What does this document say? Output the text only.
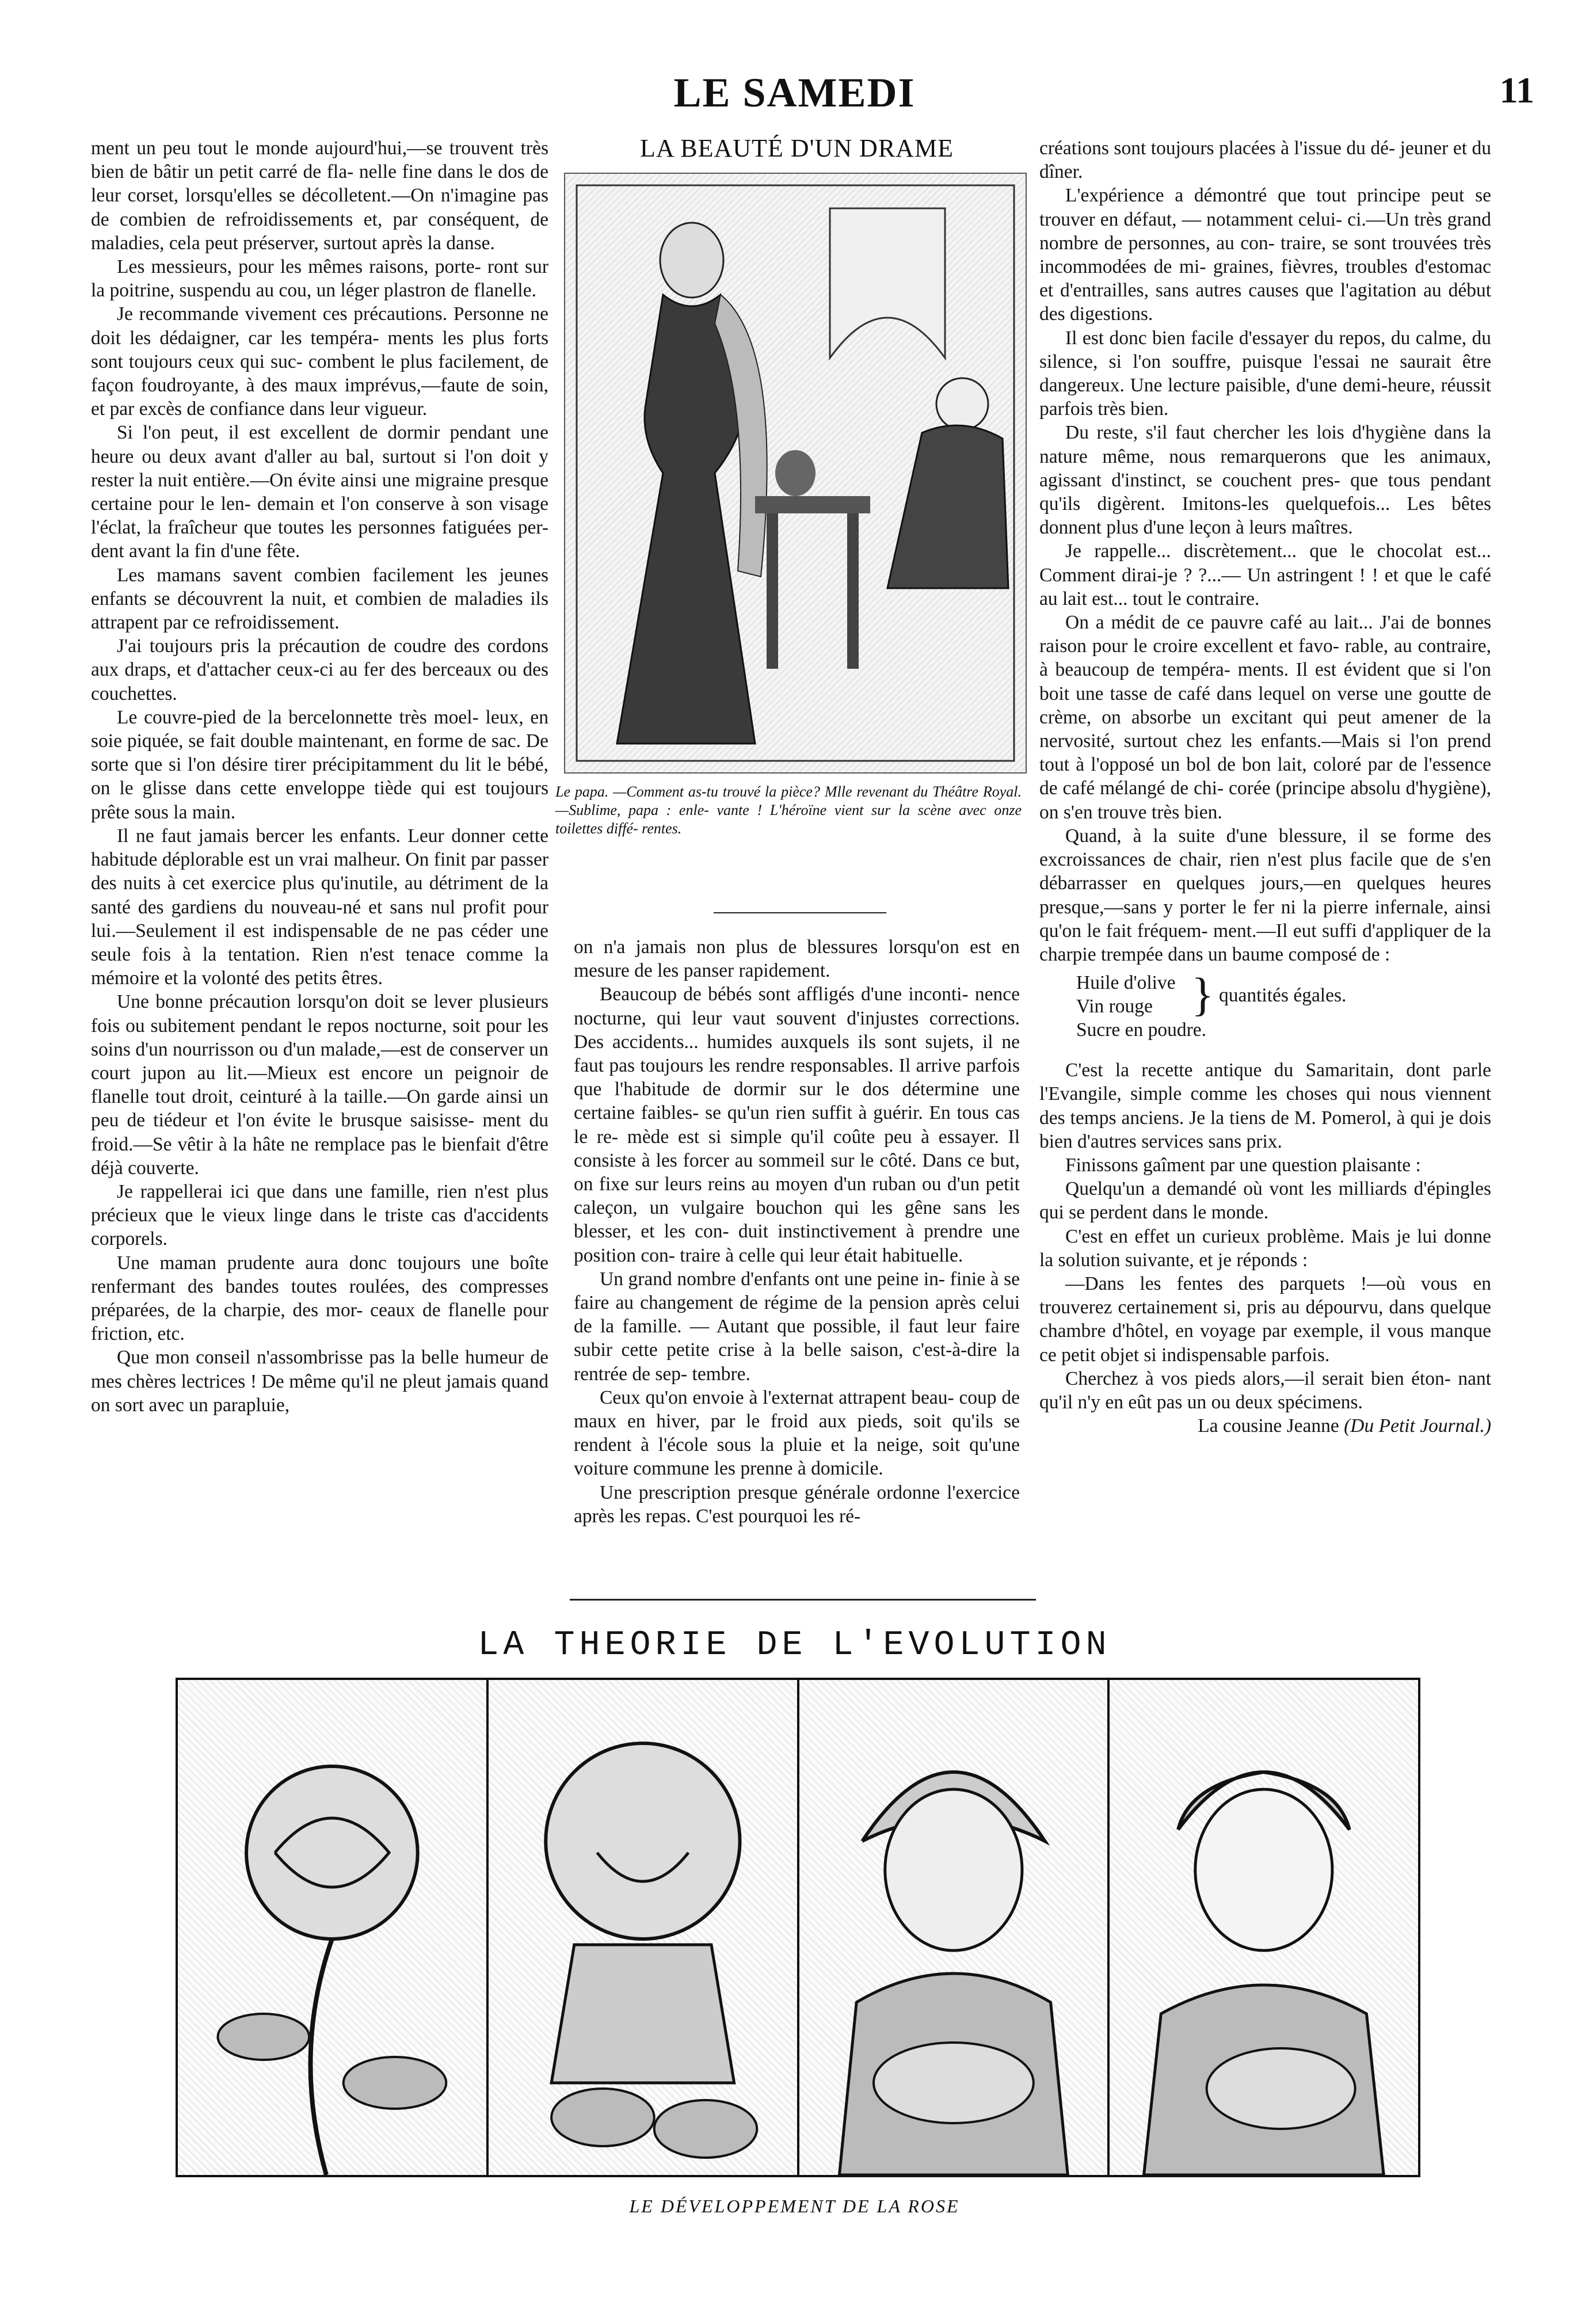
LE SAMEDI	11

ment un peu tout le monde aujourd'hui,—se trouvent très bien de bâtir un petit carré de fla- nelle fine dans le dos de leur corset, lorsqu'elles se décolletent.—On n'imagine pas de combien de refroidissements et, par conséquent, de maladies, cela peut préserver, surtout après la danse.

Les messieurs, pour les mêmes raisons, porte- ront sur la poitrine, suspendu au cou, un léger plastron de flanelle.

Je recommande vivement ces précautions. Personne ne doit les dédaigner, car les tempéra- ments les plus forts sont toujours ceux qui suc- combent le plus facilement, de façon foudroyante, à des maux imprévus,—faute de soin, et par excès de confiance dans leur vigueur.

Si l'on peut, il est excellent de dormir pendant une heure ou deux avant d'aller au bal, surtout si l'on doit y rester la nuit entière.—On évite ainsi une migraine presque certaine pour le len- demain et l'on conserve à son visage l'éclat, la fraîcheur que toutes les personnes fatiguées per- dent avant la fin d'une fête.

Les mamans savent combien facilement les jeunes enfants se découvrent la nuit, et combien de maladies ils attrapent par ce refroidissement.

J'ai toujours pris la précaution de coudre des cordons aux draps, et d'attacher ceux-ci au fer des berceaux ou des couchettes.

Le couvre-pied de la bercelonnette très moel- leux, en soie piquée, se fait double maintenant, en forme de sac. De sorte que si l'on désire tirer précipitamment du lit le bébé, on le glisse dans cette enveloppe tiède qui est toujours prête sous la main.

Il ne faut jamais bercer les enfants. Leur donner cette habitude déplorable est un vrai malheur. On finit par passer des nuits à cet exercice plus qu'inutile, au détriment de la santé des gardiens du nouveau-né et sans nul profit pour lui.—Seulement il est indispensable de ne pas céder une seule fois à la tentation. Rien n'est tenace comme la mémoire et la volonté des petits êtres.

Une bonne précaution lorsqu'on doit se lever plusieurs fois ou subitement pendant le repos nocturne, soit pour les soins d'un nourrisson ou d'un malade,—est de conserver un court jupon au lit.—Mieux est encore un peignoir de flanelle tout droit, ceinturé à la taille.—On garde ainsi un peu de tiédeur et l'on évite le brusque saisisse- ment du froid.—Se vêtir à la hâte ne remplace pas le bienfait d'être déjà couverte.

Je rappellerai ici que dans une famille, rien n'est plus précieux que le vieux linge dans le triste cas d'accidents corporels.

Une maman prudente aura donc toujours une boîte renfermant des bandes toutes roulées, des compresses préparées, de la charpie, des mor- ceaux de flanelle pour friction, etc.

Que mon conseil n'assombrisse pas la belle humeur de mes chères lectrices ! De même qu'il ne pleut jamais quand on sort avec un parapluie,

LA BEAUTÉ D'UN DRAME
Le papa. —Comment as-tu trouvé la pièce? Mlle revenant du Théâtre Royal. —Sublime, papa : enle- vante ! L'héroïne vient sur la scène avec onze toilettes diffé- rentes.

on n'a jamais non plus de blessures lorsqu'on est en mesure de les panser rapidement.

Beaucoup de bébés sont affligés d'une inconti- nence nocturne, qui leur vaut souvent d'injustes corrections. Des accidents... humides auxquels ils sont sujets, il ne faut pas toujours les rendre responsables. Il arrive parfois que l'habitude de dormir sur le dos détermine une certaine faibles- se qu'un rien suffit à guérir. En tous cas le re- mède est si simple qu'il coûte peu à essayer. Il consiste à les forcer au sommeil sur le côté. Dans ce but, on fixe sur leurs reins au moyen d'un ruban ou d'un petit caleçon, un vulgaire bouchon qui les gêne sans les blesser, et les con- duit instinctivement à prendre une position con- traire à celle qui leur était habituelle.

Un grand nombre d'enfants ont une peine in- finie à se faire au changement de régime de la pension après celui de la famille. — Autant que possible, il faut leur faire subir cette petite crise à la belle saison, c'est-à-dire la rentrée de sep- tembre.

Ceux qu'on envoie à l'externat attrapent beau- coup de maux en hiver, par le froid aux pieds, soit qu'ils se rendent à l'école sous la pluie et la neige, soit qu'une voiture commune les prenne à domicile.

Une prescription presque générale ordonne l'exercice après les repas. C'est pourquoi les ré-

créations sont toujours placées à l'issue du dé- jeuner et du dîner.

L'expérience a démontré que tout principe peut se trouver en défaut, — notamment celui- ci.—Un très grand nombre de personnes, au con- traire, se sont trouvées très incommodées de mi- graines, fièvres, troubles d'estomac et d'entrailles, sans autres causes que l'agitation au début des digestions.

Il est donc bien facile d'essayer du repos, du calme, du silence, si l'on souffre, puisque l'essai ne saurait être dangereux. Une lecture paisible, d'une demi-heure, réussit parfois très bien.

Du reste, s'il faut chercher les lois d'hygiène dans la nature même, nous remarquerons que les animaux, agissant d'instinct, se couchent pres- que tous pendant qu'ils digèrent. Imitons-les quelquefois... Les bêtes donnent plus d'une leçon à leurs maîtres.

Je rappelle... discrètement... que le chocolat est... Comment dirai-je ? ?...— Un astringent ! ! et que le café au lait est... tout le contraire.

On a médit de ce pauvre café au lait... J'ai de bonnes raison pour le croire excellent et favo- rable, au contraire, à beaucoup de tempéra- ments. Il est évident que si l'on boit une tasse de café dans lequel on verse une goutte de crème, on absorbe un excitant qui peut amener de la nervosité, surtout chez les enfants.—Mais si l'on prend tout à l'opposé un bol de bon lait, coloré par de l'essence de café mélangé de chi- corée (principe absolu d'hygiène), on s'en trouve très bien.

Quand, à la suite d'une blessure, il se forme des excroissances de chair, rien n'est plus facile que de s'en débarrasser en quelques jours,—en quelques heures presque,—sans y porter le fer ni la pierre infernale, ainsi qu'on le fait fréquem- ment.—Il eut suffi d'appliquer de la charpie trempée dans un baume composé de :

Huile d'olive
Vin rouge
Sucre en poudre.
} quantités égales.

C'est la recette antique du Samaritain, dont parle l'Evangile, simple comme les choses qui nous viennent des temps anciens. Je la tiens de M. Pomerol, à qui je dois bien d'autres services sans prix.

Finissons gaîment par une question plaisante :

Quelqu'un a demandé où vont les milliards d'épingles qui se perdent dans le monde.

C'est en effet un curieux problème. Mais je lui donne la solution suivante, et je réponds :

—Dans les fentes des parquets !—où vous en trouverez certainement si, pris au dépourvu, dans quelque chambre d'hôtel, en voyage par exemple, il vous manque ce petit objet si indispensable parfois.

Cherchez à vos pieds alors,—il serait bien éton- nant qu'il n'y en eût pas un ou deux spécimens.

La cousine Jeanne (Du Petit Journal.)

LA THEORIE DE L'EVOLUTION
LE DÉVELOPPEMENT DE LA ROSE
